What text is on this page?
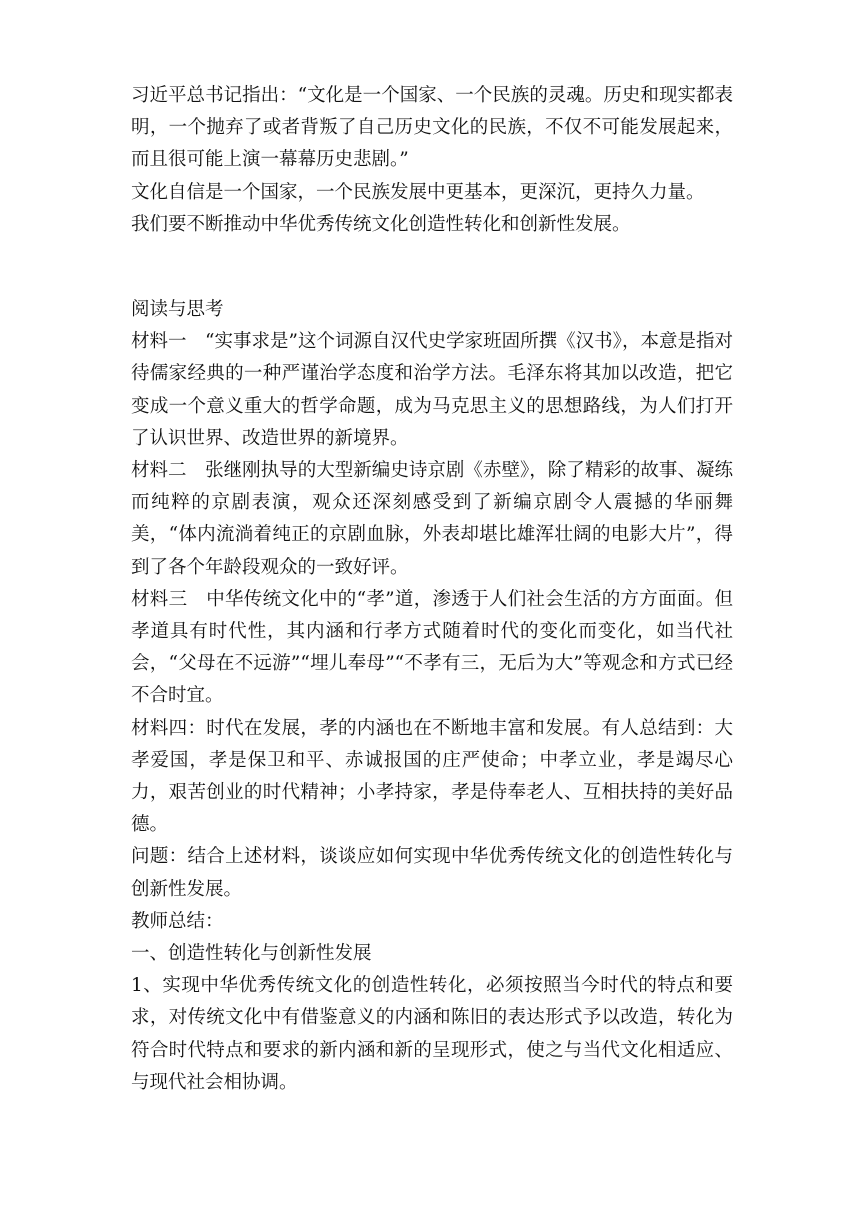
习近平总书记指出：“文化是一个国家、一个民族的灵魂。历史和现实都表明，一个抛弃了或者背叛了自己历史文化的民族，不仅不可能发展起来，而且很可能上演一幕幕历史悲剧。”

文化自信是一个国家，一个民族发展中更基本，更深沉，更持久力量。

我们要不断推动中华优秀传统文化创造性转化和创新性发展。

阅读与思考

材料一　“实事求是”这个词源自汉代史学家班固所撰《汉书》，本意是指对待儒家经典的一种严谨治学态度和治学方法。毛泽东将其加以改造，把它变成一个意义重大的哲学命题，成为马克思主义的思想路线，为人们打开了认识世界、改造世界的新境界。

材料二　张继刚执导的大型新编史诗京剧《赤壁》，除了精彩的故事、凝练而纯粹的京剧表演，观众还深刻感受到了新编京剧令人震撼的华丽舞美，“体内流淌着纯正的京剧血脉，外表却堪比雄浑壮阔的电影大片”，得到了各个年龄段观众的一致好评。

材料三　中华传统文化中的“孝”道，渗透于人们社会生活的方方面面。但孝道具有时代性，其内涵和行孝方式随着时代的变化而变化，如当代社会，“父母在不远游”“埋儿奉母”“不孝有三，无后为大”等观念和方式已经不合时宜。

材料四：时代在发展，孝的内涵也在不断地丰富和发展。有人总结到：大孝爱国，孝是保卫和平、赤诚报国的庄严使命；中孝立业，孝是竭尽心力，艰苦创业的时代精神；小孝持家，孝是侍奉老人、互相扶持的美好品德。

问题：结合上述材料，谈谈应如何实现中华优秀传统文化的创造性转化与创新性发展。

教师总结：

一、创造性转化与创新性发展

1、实现中华优秀传统文化的创造性转化，必须按照当今时代的特点和要求，对传统文化中有借鉴意义的内涵和陈旧的表达形式予以改造，转化为符合时代特点和要求的新内涵和新的呈现形式，使之与当代文化相适应、与现代社会相协调。
